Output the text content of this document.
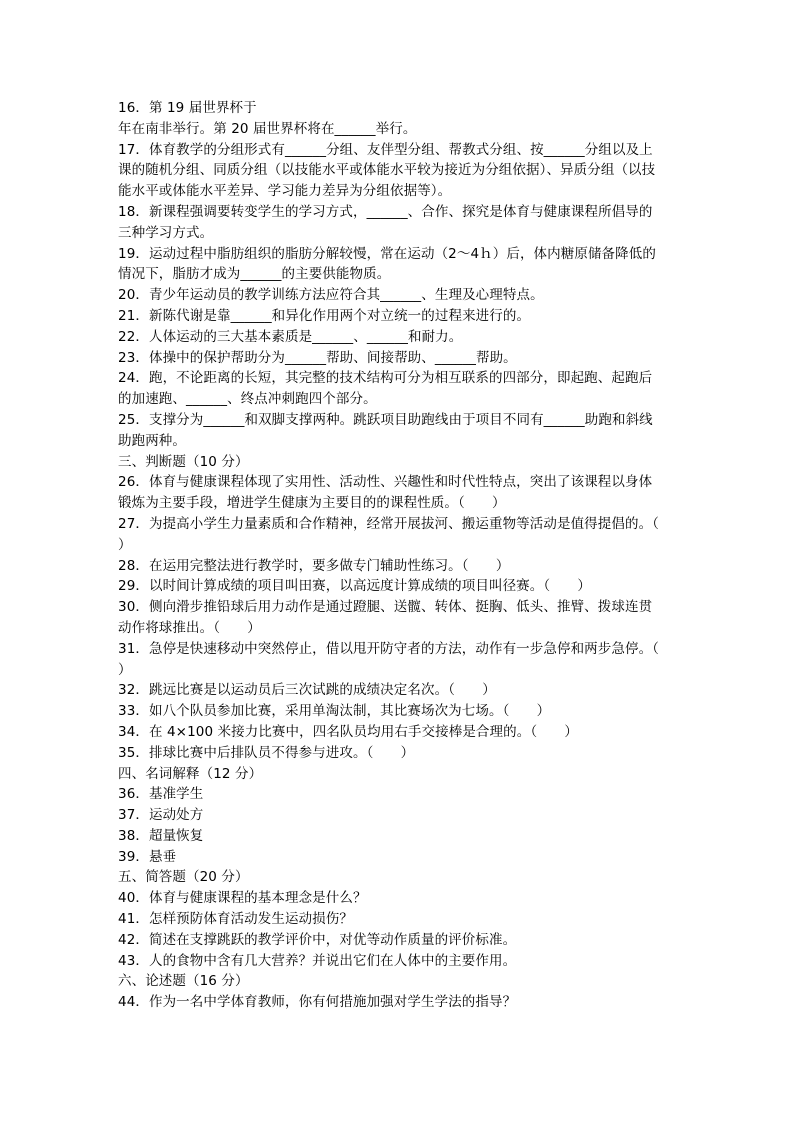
16．第 19 届世界杯于
年在南非举行。第 20 届世界杯将在______举行。
17．体育教学的分组形式有______分组、友伴型分组、帮教式分组、按______分组以及上
课的随机分组、同质分组（以技能水平或体能水平较为接近为分组依据）、异质分组（以技
能水平或体能水平差异、学习能力差异为分组依据等）。
18．新课程强调要转变学生的学习方式，______、合作、探究是体育与健康课程所倡导的
三种学习方式。
19．运动过程中脂肪组织的脂肪分解较慢，常在运动（2～4ｈ）后，体内糖原储备降低的
情况下，脂肪才成为______的主要供能物质。
20．青少年运动员的教学训练方法应符合其______、生理及心理特点。
21．新陈代谢是靠______和异化作用两个对立统一的过程来进行的。
22．人体运动的三大基本素质是______、______和耐力。
23．体操中的保护帮助分为______帮助、间接帮助、______帮助。
24．跑，不论距离的长短，其完整的技术结构可分为相互联系的四部分，即起跑、起跑后
的加速跑、______、终点冲刺跑四个部分。
25．支撑分为______和双脚支撑两种。跳跃项目助跑线由于项目不同有______助跑和斜线
助跑两种。
三、判断题（10 分）
26．体育与健康课程体现了实用性、活动性、兴趣性和时代性特点，突出了该课程以身体
锻炼为主要手段，增进学生健康为主要目的的课程性质。（　　）
27．为提高小学生力量素质和合作精神，经常开展拔河、搬运重物等活动是值得提倡的。（
）
28．在运用完整法进行教学时，要多做专门辅助性练习。（　　）
29．以时间计算成绩的项目叫田赛，以高远度计算成绩的项目叫径赛。（　　）
30．侧向滑步推铅球后用力动作是通过蹬腿、送髋、转体、挺胸、低头、推臂、拨球连贯
动作将球推出。（　　）
31．急停是快速移动中突然停止，借以甩开防守者的方法，动作有一步急停和两步急停。（
）
32．跳远比赛是以运动员后三次试跳的成绩决定名次。（　　）
33．如八个队员参加比赛，采用单淘汰制，其比赛场次为七场。（　　）
34．在 4×100 米接力比赛中，四名队员均用右手交接棒是合理的。（　　）
35．排球比赛中后排队员不得参与进攻。（　　）
四、名词解释（12 分）
36．基准学生
37．运动处方
38．超量恢复
39．悬垂
五、简答题（20 分）
40．体育与健康课程的基本理念是什么？
41．怎样预防体育活动发生运动损伤？
42．简述在支撑跳跃的教学评价中，对优等动作质量的评价标准。
43．人的食物中含有几大营养？并说出它们在人体中的主要作用。
六、论述题（16 分）
44．作为一名中学体育教师，你有何措施加强对学生学法的指导？
